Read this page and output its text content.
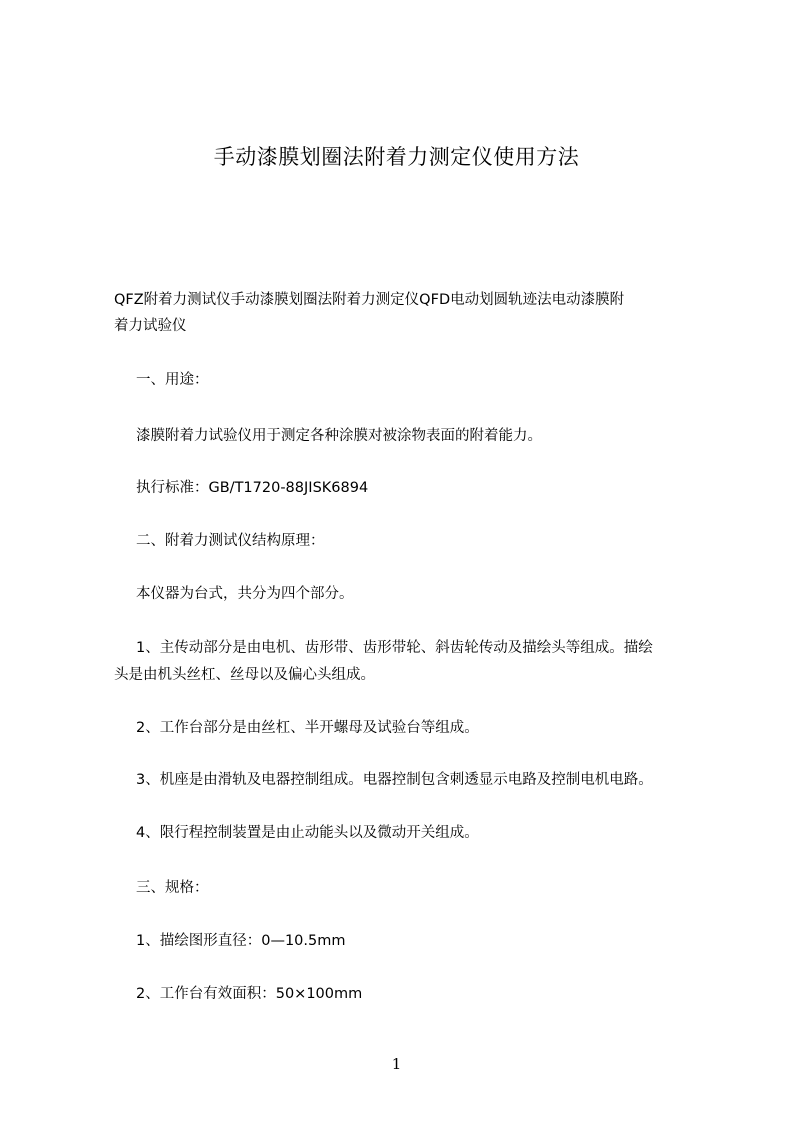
手动漆膜划圈法附着力测定仪使用方法
QFZ附着力测试仪手动漆膜划圈法附着力测定仪QFD电动划圆轨迹法电动漆膜附
着力试验仪
一、用途：
漆膜附着力试验仪用于测定各种涂膜对被涂物表面的附着能力。
执行标准：GB/T1720-88JISK6894
二、附着力测试仪结构原理：
本仪器为台式，共分为四个部分。
1、主传动部分是由电机、齿形带、齿形带轮、斜齿轮传动及描绘头等组成。描绘
头是由机头丝杠、丝母以及偏心头组成。
2、工作台部分是由丝杠、半开螺母及试验台等组成。
3、机座是由滑轨及电器控制组成。电器控制包含刺透显示电路及控制电机电路。
4、限行程控制装置是由止动能头以及微动开关组成。
三、规格：
1、描绘图形直径：0—10.5mm
2、工作台有效面积：50×100mm
1
